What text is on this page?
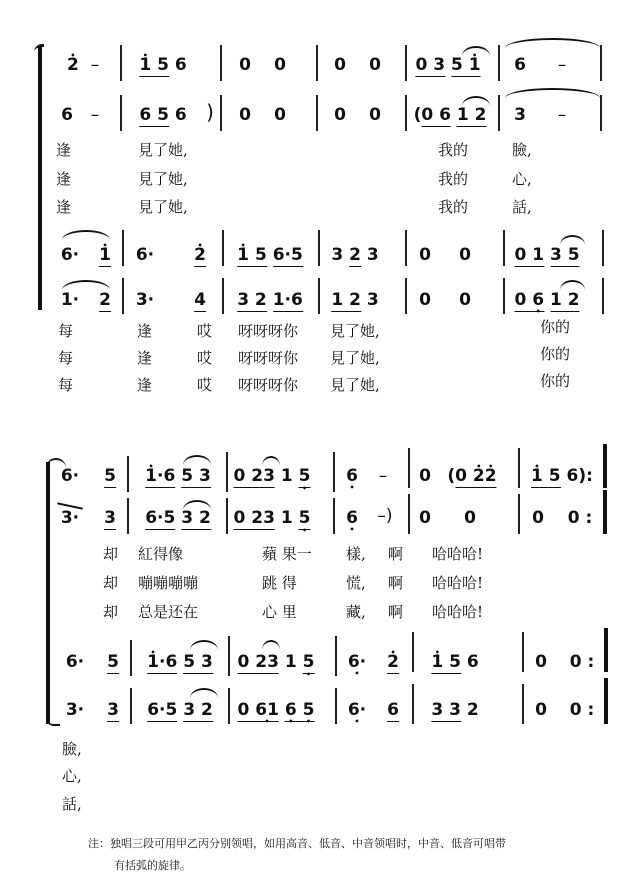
• 2 – • 1 5 6	0 0	0 0 0 3 5 • 1 6 –
6 – 6 5 6 ) 0 0	0 0 (0 6 1 2 3 –
逢	見了她,	我的	臉,
逢	見了她,	我的	心,
逢	見了她,	我的	話,
6· • 1 6· • 2 • 1 5 6·5 3 2 3 0 0	0 1 3 5
1· 2 3· 4 3 2 1·6 1 2 3 0 0	0 6 • 1 2
每	逢	哎 呀呀呀你 見了她,	你的
每	逢	哎 呀呀呀你 見了她,	你的
每	逢	哎 呀呀呀你 見了她,	你的
6· 5 • 1·6 5 3 0 23 1 5 • 6 • – 0 (0 • 2• 2 • 1 5 6):
3· 3 6·5 3 2 0 23 1 5 • 6 • –) 0 0	0 0 :
却 紅得像	蘋 果一 樣, 啊 哈哈哈!
却 嘣嘣嘣嘣	跳 得	慌, 啊 哈哈哈!
却 总是还在	心 里	藏, 啊 哈哈哈!
6· 5 • 1·6 5 3 0 23 1 5 • 6· • • 2 • 1 5 6	0 0 :
3· 3 6·5 3 2 0 61 • 6 • 5 • 6· • 6 3 3 2	0 0 :
臉,
心,
話,
注：独唱三段可用甲乙丙分别领唱，如用高音、低音、中音领唱时，中音、低音可唱带
有括弧的旋律。
